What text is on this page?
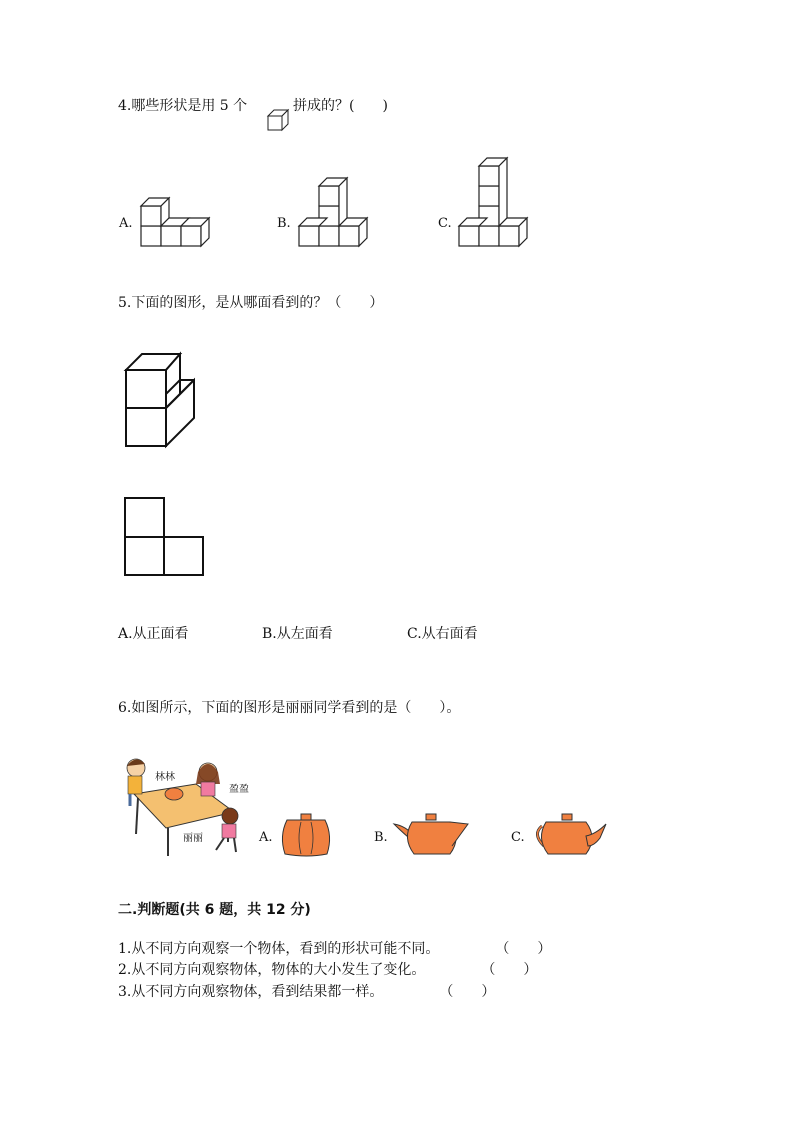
4.哪些形状是用 5 个	拼成的？(　　)
A.	B.	C.
5.下面的图形，是从哪面看到的？（　　）
A.从正面看	B.从左面看	C.从右面看
6.如图所示，下面的图形是丽丽同学看到的是（　　）。
林林
盈盈
丽丽	A.	B.	C.
二.判断题(共 6 题，共 12 分)
1.从不同方向观察一个物体，看到的形状可能不同。　　　　　（　　）
2.从不同方向观察物体，物体的大小发生了变化。　　　　　（　　）
3.从不同方向观察物体，看到结果都一样。　　　　　（　　）
